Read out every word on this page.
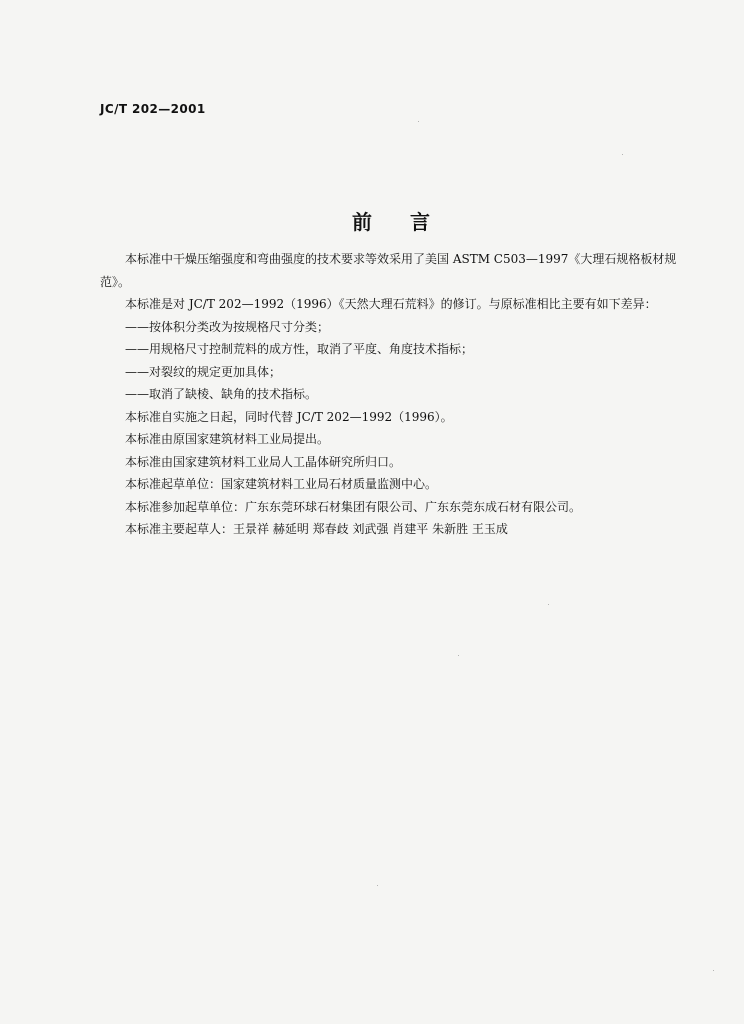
JC/T 202—2001
前言

本标准中干燥压缩强度和弯曲强度的技术要求等效采用了美国 ASTM C503—1997《大理石规格板材规范》。

本标准是对 JC/T 202—1992（1996）《天然大理石荒料》的修订。与原标准相比主要有如下差异：

——按体积分类改为按规格尺寸分类；

——用规格尺寸控制荒料的成方性，取消了平度、角度技术指标；

——对裂纹的规定更加具体；

——取消了缺棱、缺角的技术指标。

本标准自实施之日起，同时代替 JC/T 202—1992（1996）。

本标准由原国家建筑材料工业局提出。

本标准由国家建筑材料工业局人工晶体研究所归口。

本标准起草单位：国家建筑材料工业局石材质量监测中心。

本标准参加起草单位：广东东莞环球石材集团有限公司、广东东莞东成石材有限公司。

本标准主要起草人：王景祥 赫延明 郑春歧 刘武强 肖建平 朱新胜 王玉成
